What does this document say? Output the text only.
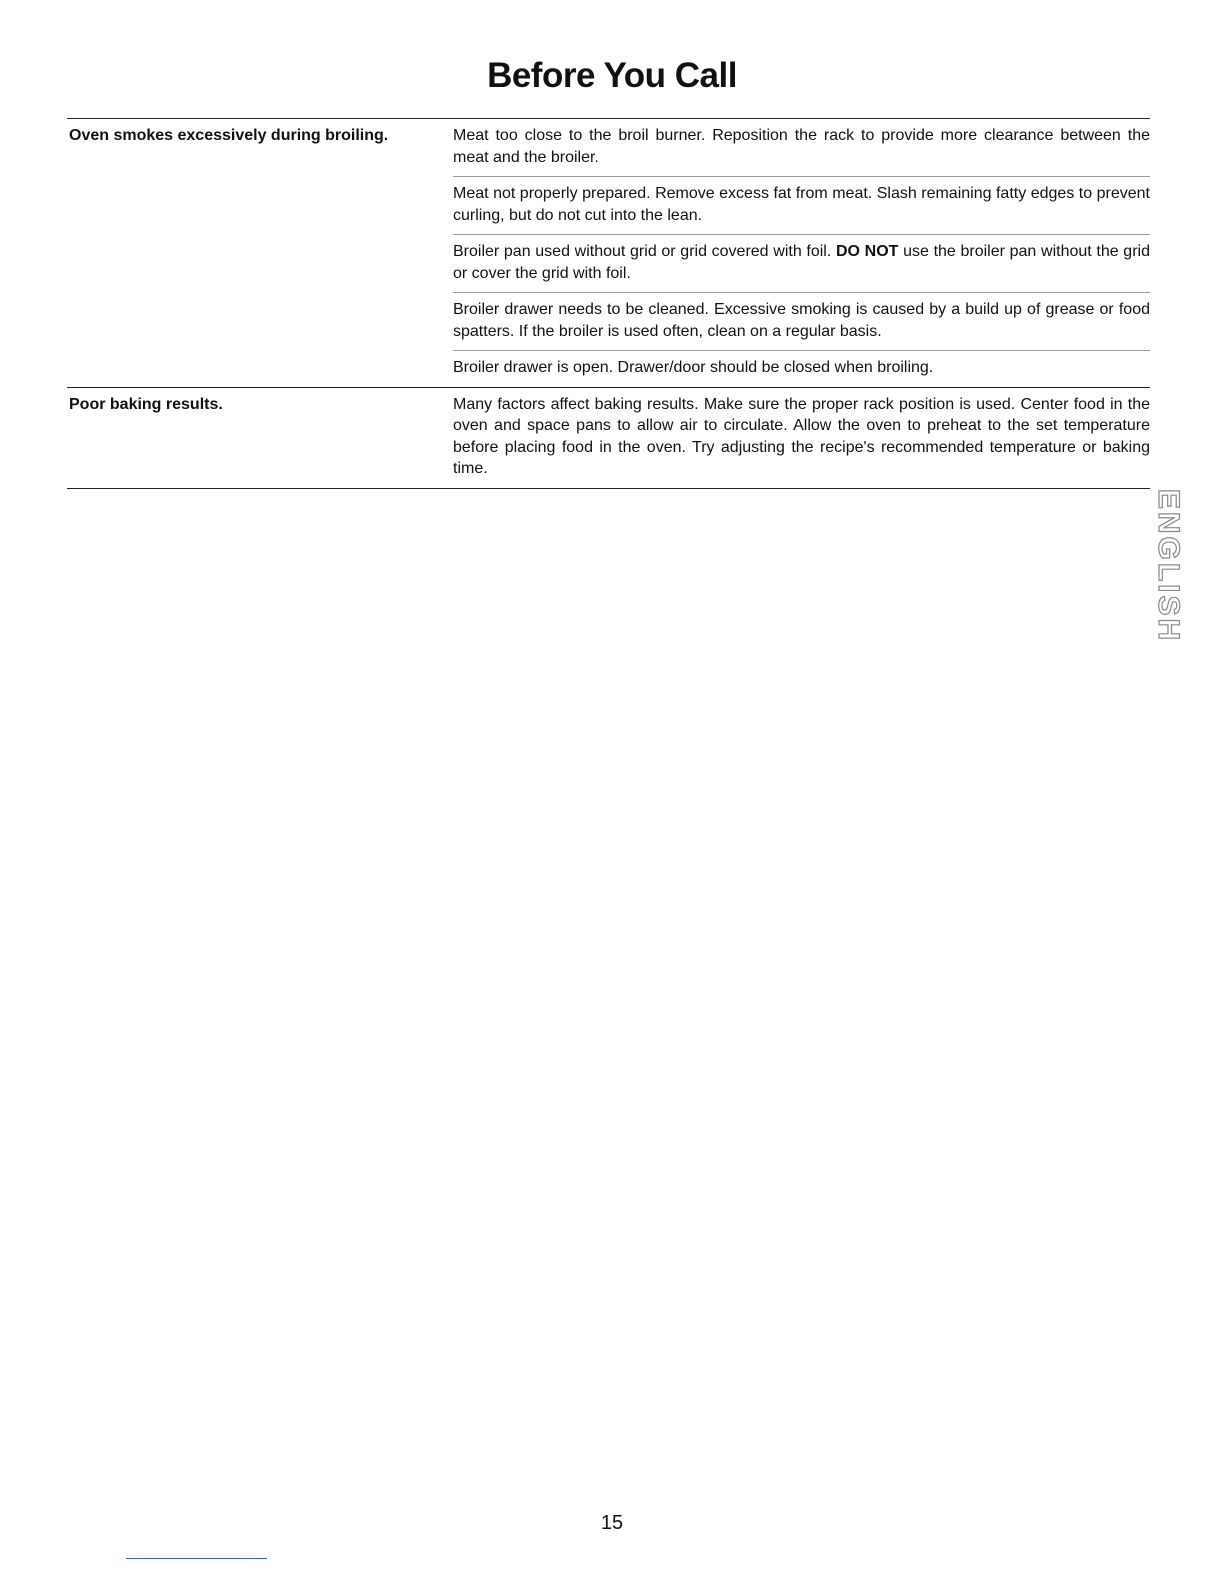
Before You Call
Oven smokes excessively during broiling.	Meat too close to the broil burner. Reposition the rack to provide more clearance between the meat and the broiler.
Meat not properly prepared. Remove excess fat from meat. Slash remaining fatty edges to prevent curling, but do not cut into the lean.
Broiler pan used without grid or grid covered with foil. DO NOT use the broiler pan without the grid or cover the grid with foil.
Broiler drawer needs to be cleaned. Excessive smoking is caused by a build up of grease or food spatters. If the broiler is used often, clean on a regular basis.
Broiler drawer is open. Drawer/door should be closed when broiling.
Poor baking results.	Many factors affect baking results. Make sure the proper rack position is used. Center food in the oven and space pans to allow air to circulate. Allow the oven to preheat to the set temperature before placing food in the oven. Try adjusting the recipe's recommended temperature or baking time.
ENGLISH
15
